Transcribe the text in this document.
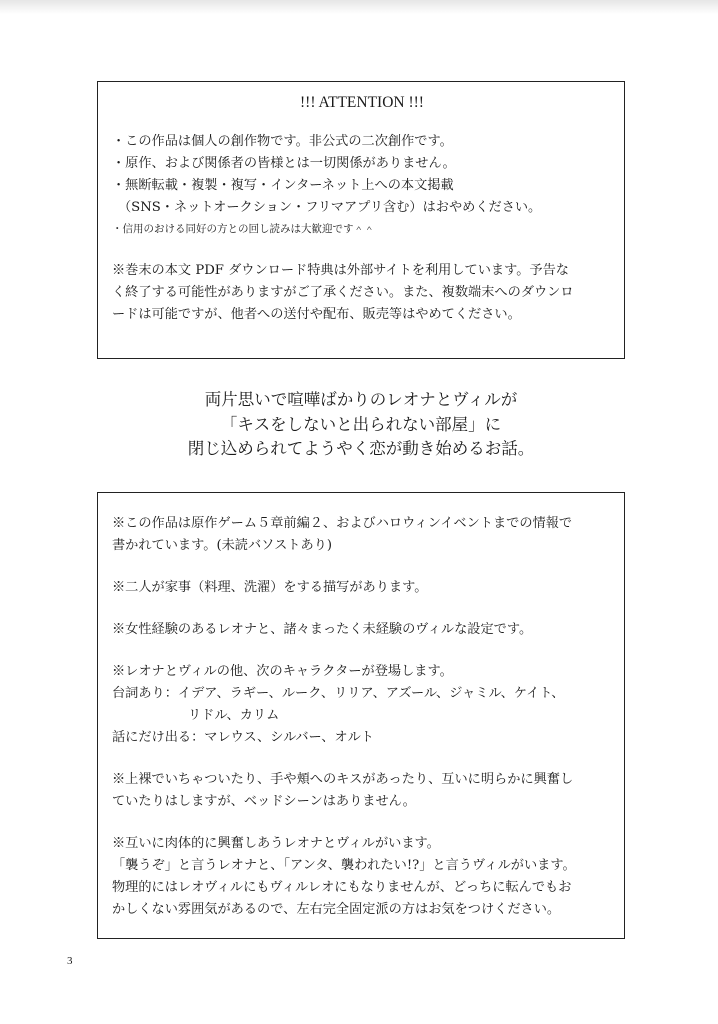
!!! ATTENTION !!!
・この作品は個人の創作物です。非公式の二次創作です。
・原作、および関係者の皆様とは一切関係がありません。
・無断転載・複製・複写・インターネット上への本文掲載
（SNS・ネットオークション・フリマアプリ含む）はおやめください。
・信用のおける同好の方との回し読みは大歓迎です＾＾
※巻末の本文 PDF ダウンロード特典は外部サイトを利用しています。予告な
く終了する可能性がありますがご了承ください。また、複数端末へのダウンロ
ードは可能ですが、他者への送付や配布、販売等はやめてください。
両片思いで喧嘩ばかりのレオナとヴィルが
「キスをしないと出られない部屋」に
閉じ込められてようやく恋が動き始めるお話。
※この作品は原作ゲーム５章前編２、およびハロウィンイベントまでの情報で
書かれています。(未読バソストあり)
※二人が家事（料理、洗濯）をする描写があります。
※女性経験のあるレオナと、諸々まったく未経験のヴィルな設定です。
※レオナとヴィルの他、次のキャラクターが登場します。
台詞あり：イデア、ラギー、ルーク、リリア、アズール、ジャミル、ケイト、
リドル、カリム
話にだけ出る：マレウス、シルバー、オルト
※上裸でいちゃついたり、手や頬へのキスがあったり、互いに明らかに興奮し
ていたりはしますが、ベッドシーンはありません。
※互いに肉体的に興奮しあうレオナとヴィルがいます。
「襲うぞ」と言うレオナと、「アンタ、襲われたい!?」と言うヴィルがいます。
物理的にはレオヴィルにもヴィルレオにもなりませんが、どっちに転んでもお
かしくない雰囲気があるので、左右完全固定派の方はお気をつけください。
3
